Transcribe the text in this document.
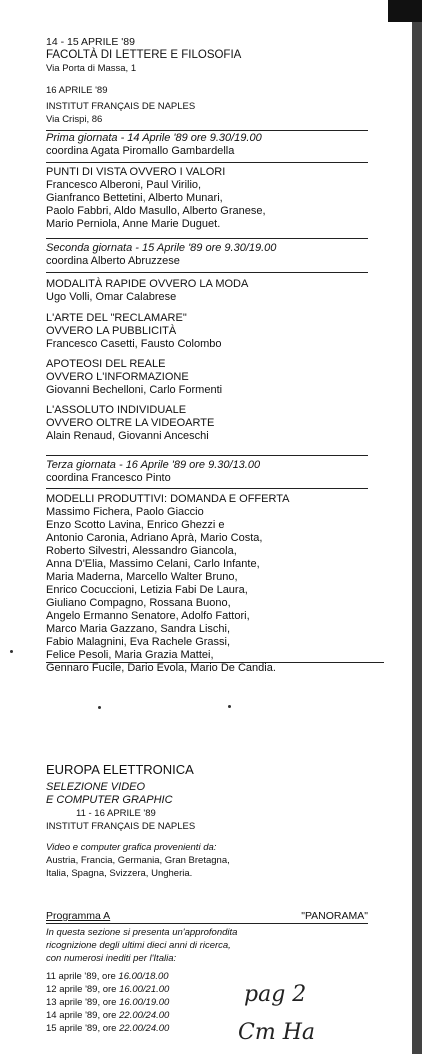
14 - 15 APRILE '89
FACOLTÀ DI LETTERE E FILOSOFIA
Via Porta di Massa, 1
16 APRILE '89
INSTITUT FRANÇAIS DE NAPLES
Via Crispi, 86
Prima giornata - 14 Aprile '89 ore 9.30/19.00
coordina Agata Piromallo Gambardella
PUNTI DI VISTA OVVERO I VALORI
Francesco Alberoni, Paul Virilio,
Gianfranco Bettetini, Alberto Munari,
Paolo Fabbri, Aldo Masullo, Alberto Granese,
Mario Perniola, Anne Marie Duguet.
Seconda giornata - 15 Aprile '89 ore 9.30/19.00
coordina Alberto Abruzzese
MODALITÀ RAPIDE OVVERO LA MODA
Ugo Volli, Omar Calabrese
L'ARTE DEL "RECLAMARE"
OVVERO LA PUBBLICITÀ
Francesco Casetti, Fausto Colombo
APOTEOSI DEL REALE
OVVERO L'INFORMAZIONE
Giovanni Bechelloni, Carlo Formenti
L'ASSOLUTO INDIVIDUALE
OVVERO OLTRE LA VIDEOARTE
Alain Renaud, Giovanni Anceschi
Terza giornata - 16 Aprile '89 ore 9.30/13.00
coordina Francesco Pinto
MODELLI PRODUTTIVI: DOMANDA E OFFERTA
Massimo Fichera, Paolo Giaccio
Enzo Scotto Lavina, Enrico Ghezzi e
Antonio Caronia, Adriano Aprà, Mario Costa,
Roberto Silvestri, Alessandro Giancola,
Anna D'Elia, Massimo Celani, Carlo Infante,
Maria Maderna, Marcello Walter Bruno,
Enrico Cocuccioni, Letizia Fabi De Laura,
Giuliano Compagno, Rossana Buono,
Angelo Ermanno Senatore, Adolfo Fattori,
Marco Maria Gazzano, Sandra Lischi,
Fabio Malagnini, Eva Rachele Grassi,
Felice Pesoli, Maria Grazia Mattei,
Gennaro Fucile, Dario Evola, Mario De Candia.
EUROPA ELETTRONICA
SELEZIONE VIDEO
E COMPUTER GRAPHIC
11 - 16 APRILE '89
INSTITUT FRANÇAIS DE NAPLES
Video e computer grafica provenienti da:
Austria, Francia, Germania, Gran Bretagna,
Italia, Spagna, Svizzera, Ungheria.
Programma A	"PANORAMA"
In questa sezione si presenta un'approfondita
ricognizione degli ultimi dieci anni di ricerca,
con numerosi inediti per l'Italia:
11 aprile '89, ore 16.00/18.00
12 aprile '89, ore 16.00/21.00
13 aprile '89, ore 16.00/19.00
14 aprile '89, ore 22.00/24.00
15 aprile '89, ore 22.00/24.00
pag 2
Cm Ha
